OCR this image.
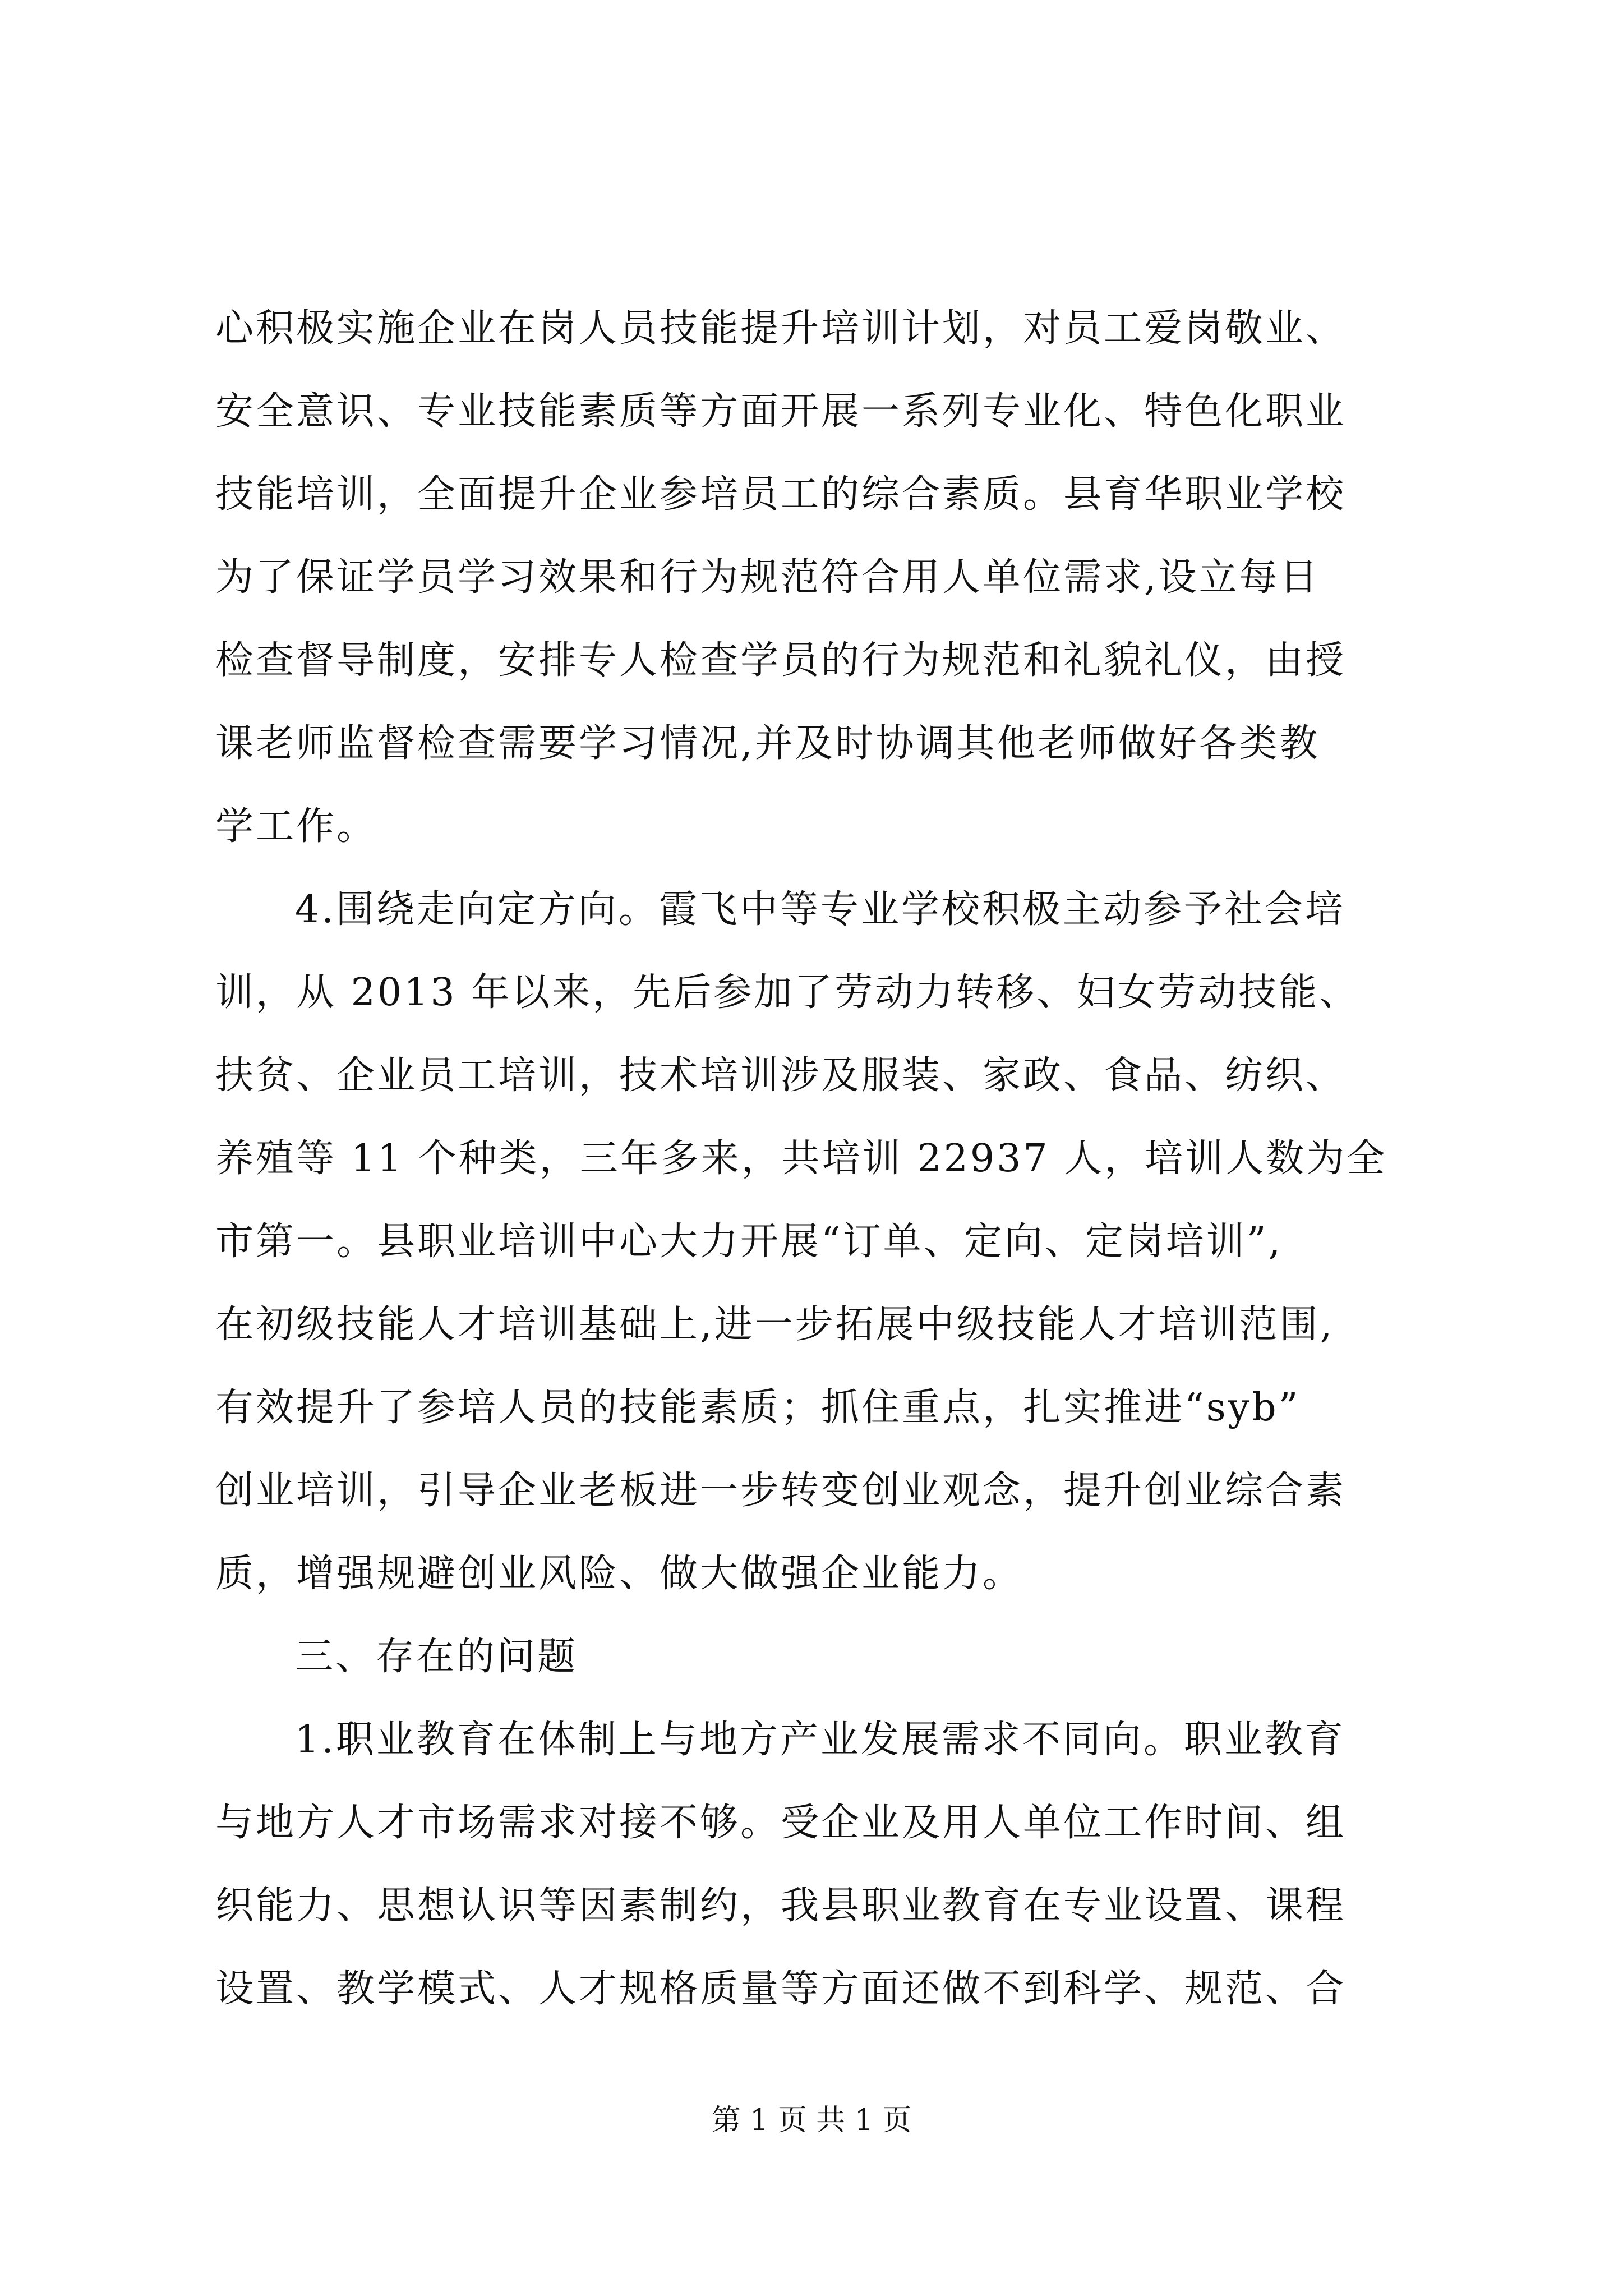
心积极实施企业在岗人员技能提升培训计划，对员工爱岗敬业、
安全意识、专业技能素质等方面开展一系列专业化、特色化职业
技能培训，全面提升企业参培员工的综合素质。县育华职业学校
为了保证学员学习效果和行为规范符合用人单位需求,设立每日
检查督导制度，安排专人检查学员的行为规范和礼貌礼仪，由授
课老师监督检查需要学习情况,并及时协调其他老师做好各类教
学工作。
4.围绕走向定方向。霞飞中等专业学校积极主动参予社会培
训，从 2013 年以来，先后参加了劳动力转移、妇女劳动技能、
扶贫、企业员工培训，技术培训涉及服装、家政、食品、纺织、
养殖等 11 个种类，三年多来，共培训 22937 人，培训人数为全
市第一。县职业培训中心大力开展“订单、定向、定岗培训”,
在初级技能人才培训基础上,进一步拓展中级技能人才培训范围,
有效提升了参培人员的技能素质；抓住重点，扎实推进“syb”
创业培训，引导企业老板进一步转变创业观念，提升创业综合素
质，增强规避创业风险、做大做强企业能力。
三、存在的问题
1.职业教育在体制上与地方产业发展需求不同向。职业教育
与地方人才市场需求对接不够。受企业及用人单位工作时间、组
织能力、思想认识等因素制约，我县职业教育在专业设置、课程
设置、教学模式、人才规格质量等方面还做不到科学、规范、合
第 1 页 共 1 页
